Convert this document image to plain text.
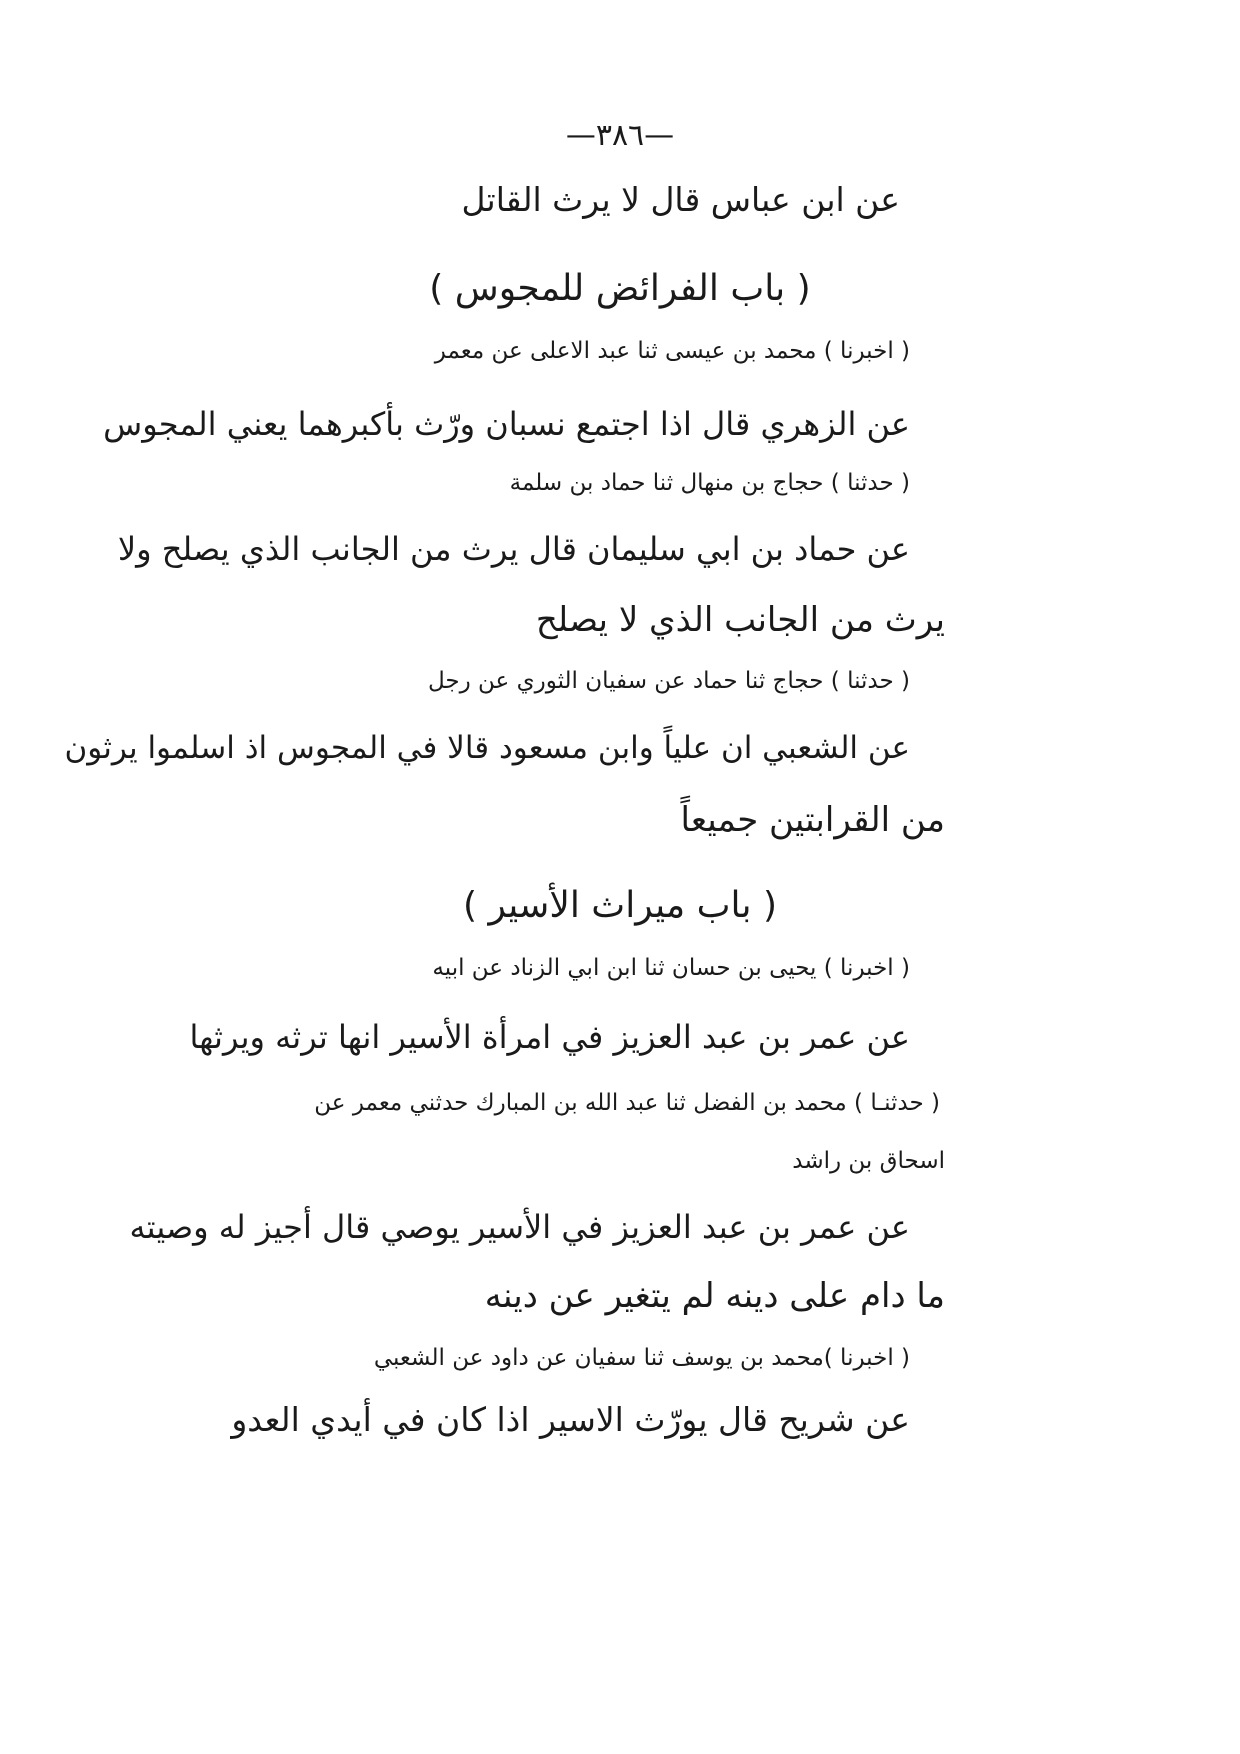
—٣٨٦—
عن ابن عباس قال لا يرث القاتل
( باب الفرائض للمجوس )
( اخبرنا ) محمد بن عيسى ثنا عبد الاعلى عن معمر
عن الزهري قال اذا اجتمع نسبان ورّث بأكبرهما يعني المجوس
( حدثنا ) حجاج بن منهال ثنا حماد بن سلمة
عن حماد بن ابي سليمان قال يرث من الجانب الذي يصلح ولا
يرث من الجانب الذي لا يصلح
( حدثنا ) حجاج ثنا حماد عن سفيان الثوري عن رجل
عن الشعبي ان علياً وابن مسعود قالا في المجوس اذ اسلموا يرثون
من القرابتين جميعاً
( باب ميراث الأسير )
( اخبرنا ) يحيى بن حسان ثنا ابن ابي الزناد عن ابيه
عن عمر بن عبد العزيز في امرأة الأسير انها ترثه ويرثها
( حدثنـا ) محمد بن الفضل ثنا عبد الله بن المبارك حدثني معمر عن
اسحاق بن راشد
عن عمر بن عبد العزيز في الأسير يوصي قال أجيز له وصيته
ما دام على دينه لم يتغير عن دينه
( اخبرنا )محمد بن يوسف ثنا سفيان عن داود عن الشعبي
عن شريح قال يورّث الاسير اذا كان في أيدي العدو
